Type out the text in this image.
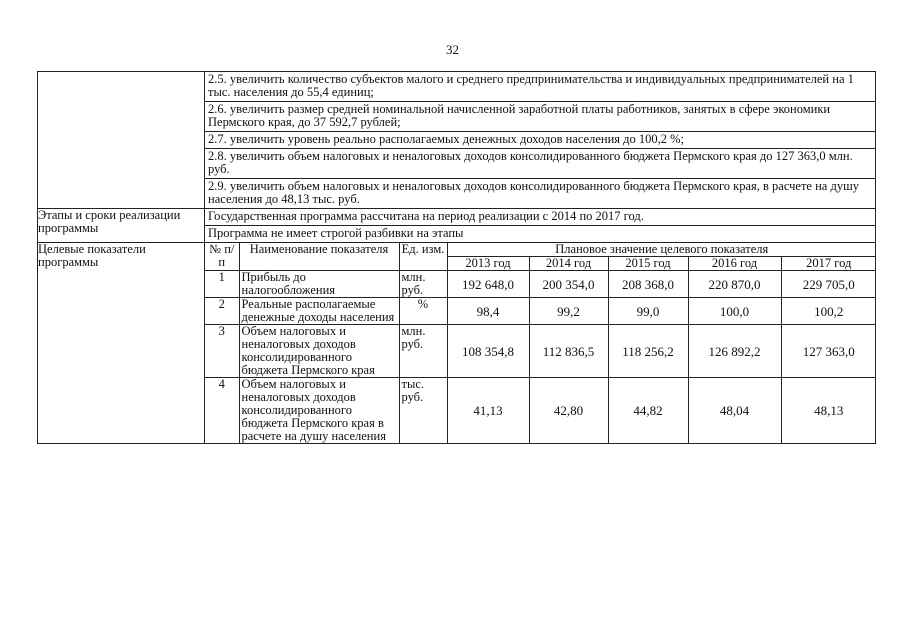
32

2.5. увеличить количество субъектов малого и среднего предпринимательства и индивидуальных предпринимателей на 1 тыс. населения до 55,4 единиц;
2.6. увеличить размер средней номинальной начисленной заработной платы работников, занятых в сфере экономики Пермского края, до 37 592,7 рублей;
2.7. увеличить уровень реально располагаемых денежных доходов населения до 100,2 %;
2.8. увеличить объем налоговых и неналоговых доходов консолидированного бюджета Пермского края до 127 363,0 млн. руб.
2.9. увеличить объем налоговых и неналоговых доходов консолидированного бюджета Пермского края, в расчете на душу населения до 48,13 тыс. руб.

Этапы и сроки реализации программы	
Государственная программа рассчитана на период реализации с 2014 по 2017 год.
Программа не имеет строгой разбивки на этапы

Целевые показатели программы	
№ п/п	Наименование показателя	Ед. изм.	Плановое значение целевого показателя
2013 год	2014 год	2015 год	2016 год	2017 год
1	Прибыль до налогообложения	млн. руб.	192 648,0	200 354,0	208 368,0	220 870,0	229 705,0
2	Реальные располагаемые денежные доходы населения	%	98,4	99,2	99,0	100,0	100,2
3	Объем налоговых и неналоговых доходов консолидированного бюджета Пермского края	млн. руб.	108 354,8	112 836,5	118 256,2	126 892,2	127 363,0
4	Объем налоговых и неналоговых доходов консолидированного бюджета Пермского края в расчете на душу населения	тыс. руб.	41,13	42,80	44,82	48,04	48,13
